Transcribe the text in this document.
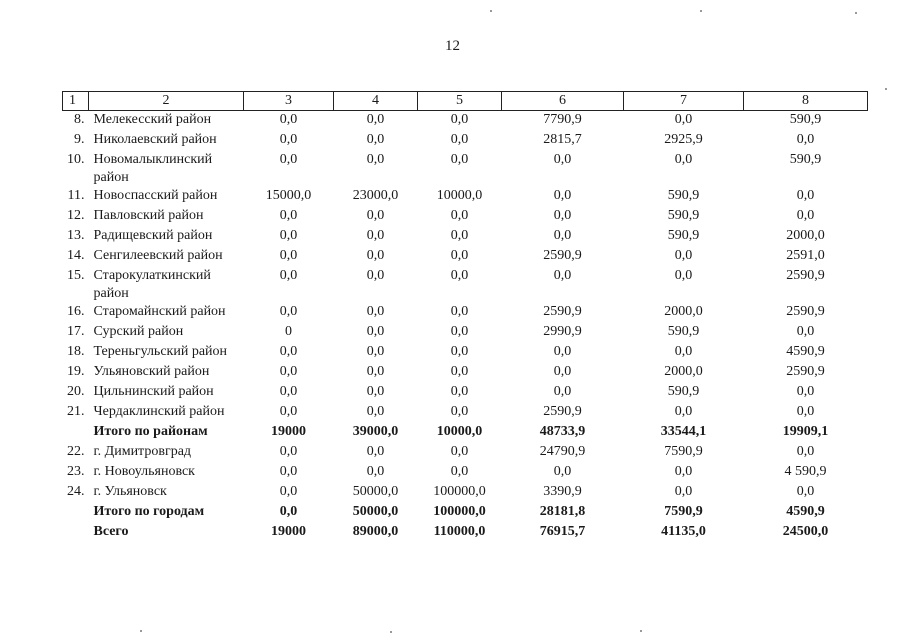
12
1	2	3	4	5	6	7	8
8.	Мелекесский район	0,0	0,0	0,0	7790,9	0,0	590,9
9.	Николаевский район	0,0	0,0	0,0	2815,7	2925,9	0,0
10.	Новомалыклинский район	0,0	0,0	0,0	0,0	0,0	590,9
11.	Новоспасский район	15000,0	23000,0	10000,0	0,0	590,9	0,0
12.	Павловский район	0,0	0,0	0,0	0,0	590,9	0,0
13.	Радищевский район	0,0	0,0	0,0	0,0	590,9	2000,0
14.	Сенгилеевский район	0,0	0,0	0,0	2590,9	0,0	2591,0
15.	Старокулаткинский район	0,0	0,0	0,0	0,0	0,0	2590,9
16.	Старомайнский район	0,0	0,0	0,0	2590,9	2000,0	2590,9
17.	Сурский район	0	0,0	0,0	2990,9	590,9	0,0
18.	Тереньгульский район	0,0	0,0	0,0	0,0	0,0	4590,9
19.	Ульяновский район	0,0	0,0	0,0	0,0	2000,0	2590,9
20.	Цильнинский район	0,0	0,0	0,0	0,0	590,9	0,0
21.	Чердаклинский район	0,0	0,0	0,0	2590,9	0,0	0,0
	Итого по районам	19000	39000,0	10000,0	48733,9	33544,1	19909,1
22.	г. Димитровград	0,0	0,0	0,0	24790,9	7590,9	0,0
23.	г. Новоульяновск	0,0	0,0	0,0	0,0	0,0	4 590,9
24.	г. Ульяновск	0,0	50000,0	100000,0	3390,9	0,0	0,0
	Итого по городам	0,0	50000,0	100000,0	28181,8	7590,9	4590,9
	Всего	19000	89000,0	110000,0	76915,7	41135,0	24500,0
